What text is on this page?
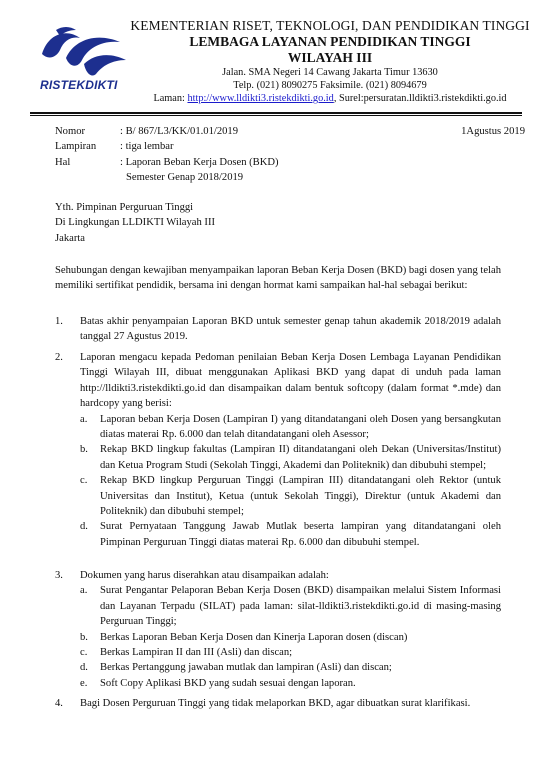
RISTEKDIKTI
KEMENTERIAN RISET, TEKNOLOGI, DAN PENDIDIKAN TINGGI
LEMBAGA LAYANAN PENDIDIKAN TINGGI
WILAYAH III
Jalan. SMA Negeri 14 Cawang Jakarta Timur 13630
Telp. (021) 8090275 Faksimile. (021) 8094679
Laman: http://www.lldikti3.ristekdikti.go.id, Surel:persuratan.lldikti3.ristekdikti.go.id
Nomor	: B/ 867/L3/KK/01.01/2019	1Agustus 2019
Lampiran : tiga lembar
Hal	: Laporan Beban Kerja Dosen (BKD)
Semester Genap 2018/2019
Yth. Pimpinan Perguruan Tinggi
Di Lingkungan LLDIKTI Wilayah III
Jakarta
Sehubungan dengan kewajiban menyampaikan laporan Beban Kerja Dosen (BKD) bagi dosen yang telah memiliki sertifikat pendidik, bersama ini dengan hormat kami sampaikan hal-hal sebagai berikut:
1. Batas akhir penyampaian Laporan BKD untuk semester genap tahun akademik 2018/2019 adalah tanggal 27 Agustus 2019.
2. Laporan mengacu kepada Pedoman penilaian Beban Kerja Dosen Lembaga Layanan Pendidikan Tinggi Wilayah III, dibuat menggunakan Aplikasi BKD yang dapat di unduh pada laman http://lldikti3.ristekdikti.go.id dan disampaikan dalam bentuk softcopy (dalam format *.mde) dan hardcopy yang berisi:
a. Laporan beban Kerja Dosen (Lampiran I) yang ditandatangani oleh Dosen yang bersangkutan diatas materai Rp. 6.000 dan telah ditandatangani oleh Asessor;
b. Rekap BKD lingkup fakultas (Lampiran II) ditandatangani oleh Dekan (Universitas/Institut) dan Ketua Program Studi (Sekolah Tinggi, Akademi dan Politeknik) dan dibubuhi stempel;
c. Rekap BKD lingkup Perguruan Tinggi (Lampiran III) ditandatangani oleh Rektor (untuk Universitas dan Institut), Ketua (untuk Sekolah Tinggi), Direktur (untuk Akademi dan Politeknik) dan dibubuhi stempel;
d. Surat Pernyataan Tanggung Jawab Mutlak beserta lampiran yang ditandatangani oleh Pimpinan Perguruan Tinggi diatas materai Rp. 6.000 dan dibubuhi stempel.
3. Dokumen yang harus diserahkan atau disampaikan adalah:
a. Surat Pengantar Pelaporan Beban Kerja Dosen (BKD) disampaikan melalui Sistem Informasi dan Layanan Terpadu (SILAT) pada laman: silat-lldikti3.ristekdikti.go.id di masing-masing Perguruan Tinggi;
b. Berkas Laporan Beban Kerja Dosen dan Kinerja Laporan dosen (discan)
c. Berkas Lampiran II dan III (Asli) dan discan;
d. Berkas Pertanggung jawaban mutlak dan lampiran (Asli) dan discan;
e. Soft Copy Aplikasi BKD yang sudah sesuai dengan laporan.
4. Bagi Dosen Perguruan Tinggi yang tidak melaporkan BKD, agar dibuatkan surat klarifikasi.
